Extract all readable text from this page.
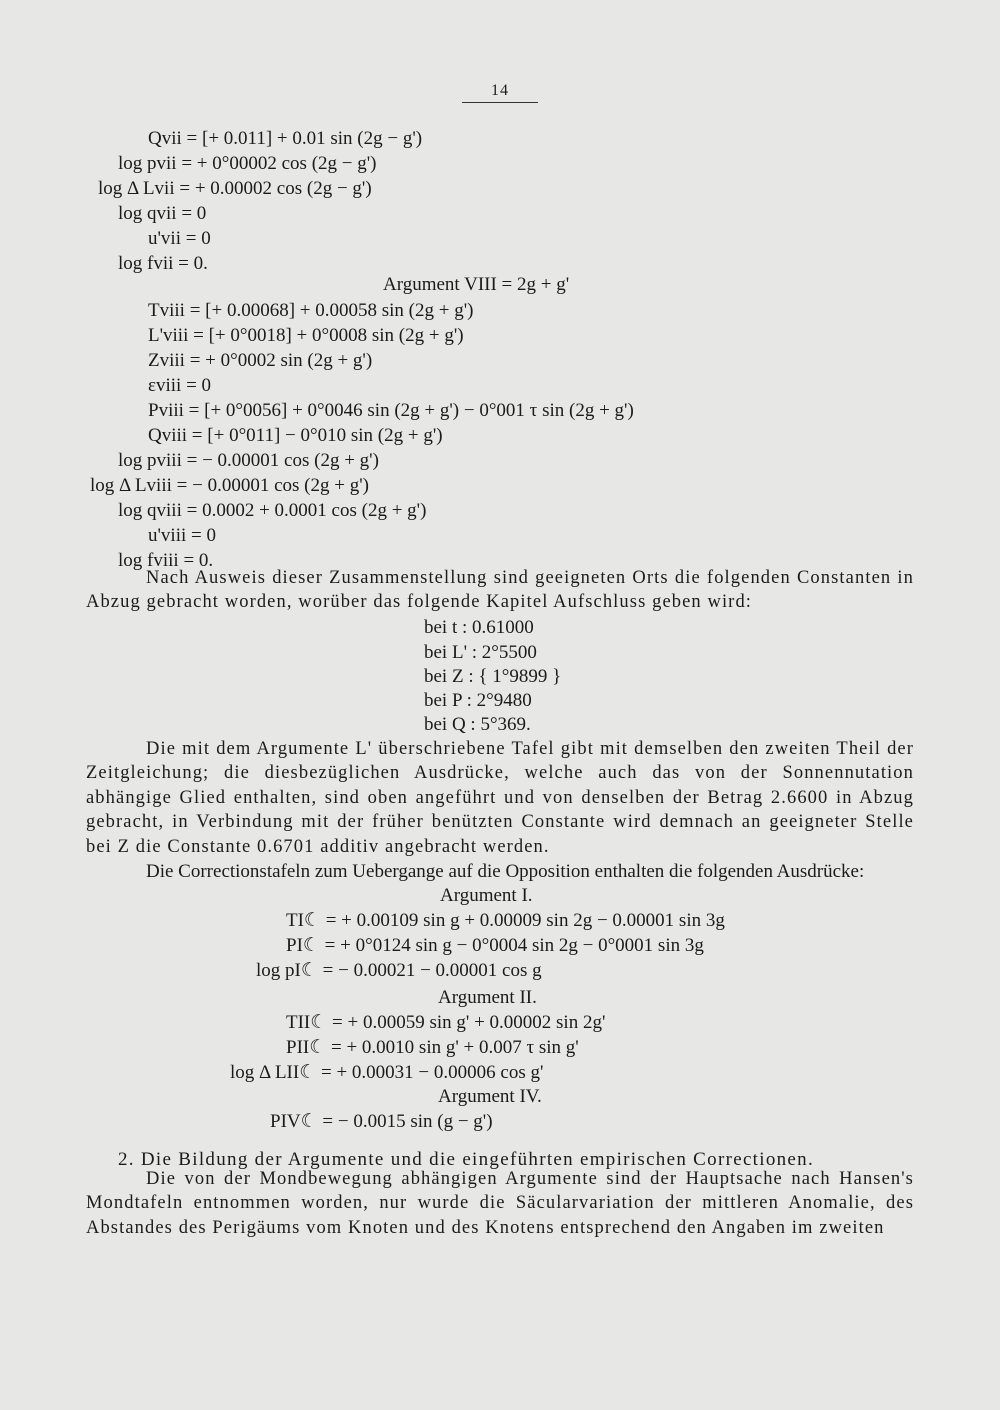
14
Qvii = [+ 0.011] + 0.01 sin (2g − g')
log pvii = + 0°00002 cos (2g − g')
log Δ Lvii = + 0.00002 cos (2g − g')
log qvii = 0
u'vii = 0
log fvii = 0.
Argument VIII = 2g + g'
Tviii = [+ 0.00068] + 0.00058 sin (2g + g')
L'viii = [+ 0°0018] + 0°0008 sin (2g + g')
Zviii = + 0°0002 sin (2g + g')
εviii = 0
Pviii = [+ 0°0056] + 0°0046 sin (2g + g') − 0°001 τ sin (2g + g')
Qviii = [+ 0°011] − 0°010 sin (2g + g')
log pviii = − 0.00001 cos (2g + g')
log Δ Lviii = − 0.00001 cos (2g + g')
log qviii = 0.0002 + 0.0001 cos (2g + g')
u'viii = 0
log fviii = 0.
Nach Ausweis dieser Zusammenstellung sind geeigneten Orts die folgenden Constanten in Abzug gebracht worden, worüber das folgende Kapitel Aufschluss geben wird:
bei t : 0.61000
bei L' : 2°5500
bei Z : { 1°9899 }
bei P : 2°9480
bei Q : 5°369.
Die mit dem Argumente L' überschriebene Tafel gibt mit demselben den zweiten Theil der Zeitgleichung; die diesbezüglichen Ausdrücke, welche auch das von der Sonnennutation abhängige Glied enthalten, sind oben angeführt und von denselben der Betrag 2.6600 in Abzug gebracht, in Verbindung mit der früher benützten Constante wird demnach an geeigneter Stelle bei Z die Constante 0.6701 additiv angebracht werden.
Die Correctionstafeln zum Uebergange auf die Opposition enthalten die folgenden Ausdrücke:
Argument I.
TI☾ = + 0.00109 sin g + 0.00009 sin 2g − 0.00001 sin 3g
PI☾ = + 0°0124 sin g − 0°0004 sin 2g − 0°0001 sin 3g
log pI☾ = − 0.00021 − 0.00001 cos g
Argument II.
TII☾ = + 0.00059 sin g' + 0.00002 sin 2g'
PII☾ = + 0.0010 sin g' + 0.007 τ sin g'
log Δ LII☾ = + 0.00031 − 0.00006 cos g'
Argument IV.
PIV☾ = − 0.0015 sin (g − g')
2. Die Bildung der Argumente und die eingeführten empirischen Correctionen.
Die von der Mondbewegung abhängigen Argumente sind der Hauptsache nach Hansen's Mondtafeln entnommen worden, nur wurde die Säcularvariation der mittleren Anomalie, des Abstandes des Perigäums vom Knoten und des Knotens entsprechend den Angaben im zweiten
